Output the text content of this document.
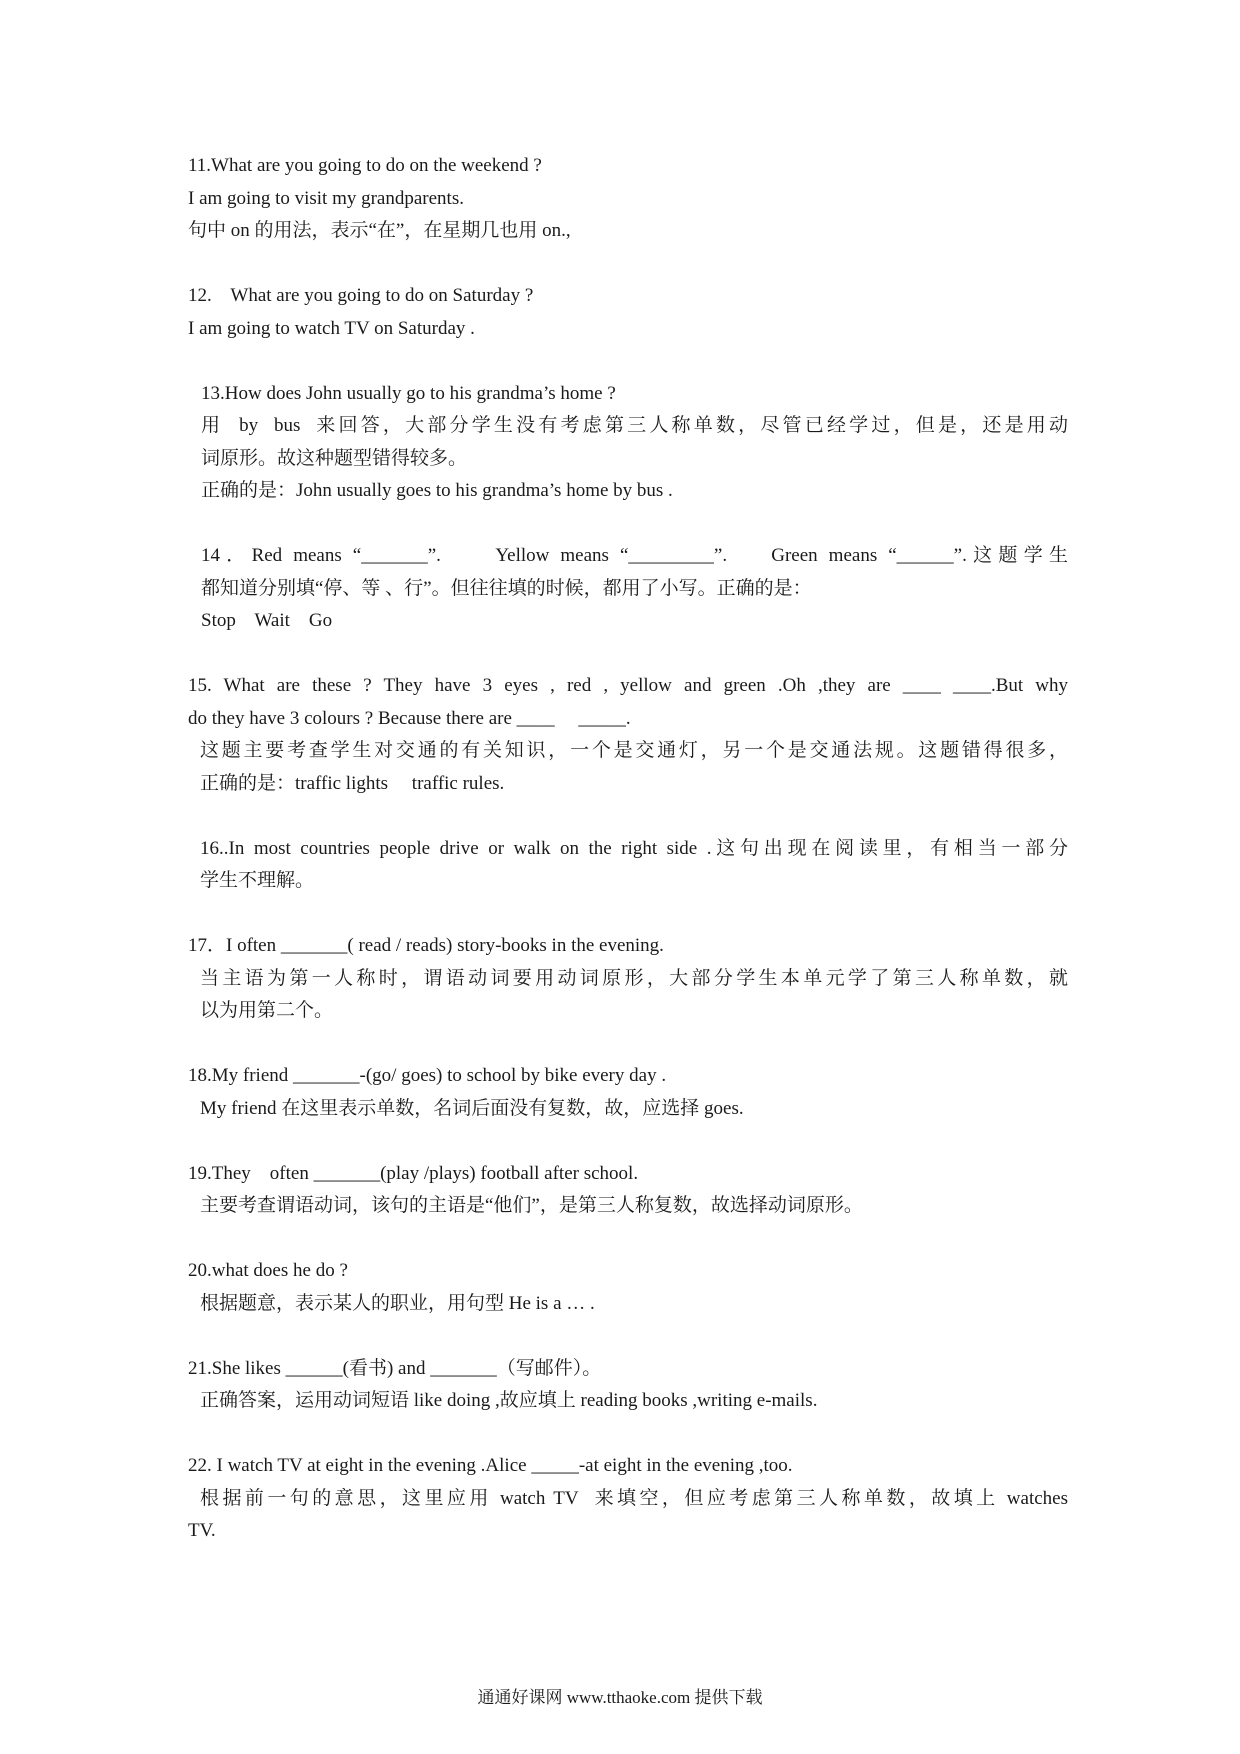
11.What are you going to do on the weekend ?
I am going to visit my grandparents.
句中 on 的用法，表示“在”，在星期几也用 on.,
12.    What are you going to do on Saturday ?
I am going to watch TV on Saturday .
13.How does John usually go to his grandma’s home ?
用  by  bus  来回答，大部分学生没有考虑第三人称单数，尽管已经学过，但是，还是用动
词原形。故这种题型错得较多。
正确的是：John usually goes to his grandma’s home by bus .
14．Red means “_______”.     Yellow means “_________”.    Green means “______”.这题学生
都知道分别填“停、等 、行”。但往往填的时候，都用了小写。正确的是：
Stop    Wait    Go
15. What are these ? They have 3 eyes , red , yellow and green .Oh ,they are ____ ____.But why
do they have 3 colours ? Because there are ____     _____.
这题主要考查学生对交通的有关知识，一个是交通灯，另一个是交通法规。这题错得很多，
正确的是：traffic lights     traffic rules.
16..In most countries people drive or walk on the right side .这句出现在阅读里，有相当一部分
学生不理解。
17．I often _______( read / reads) story-books in the evening.
当主语为第一人称时，谓语动词要用动词原形，大部分学生本单元学了第三人称单数，就
以为用第二个。
18.My friend _______-(go/ goes) to school by bike every day .
My friend 在这里表示单数，名词后面没有复数，故，应选择 goes.
19.They    often _______(play /plays) football after school.
主要考查谓语动词，该句的主语是“他们”，是第三人称复数，故选择动词原形。
20.what does he do ?
根据题意，表示某人的职业，用句型 He is a … .
21.She likes ______(看书) and _______（写邮件）。
正确答案，运用动词短语 like doing ,故应填上 reading books ,writing e-mails.
22. I watch TV at eight in the evening .Alice _____-at eight in the evening ,too.
根据前一句的意思，这里应用 watch TV  来填空，但应考虑第三人称单数，故填上 watches
TV.
通通好课网 www.tthaoke.com 提供下载
